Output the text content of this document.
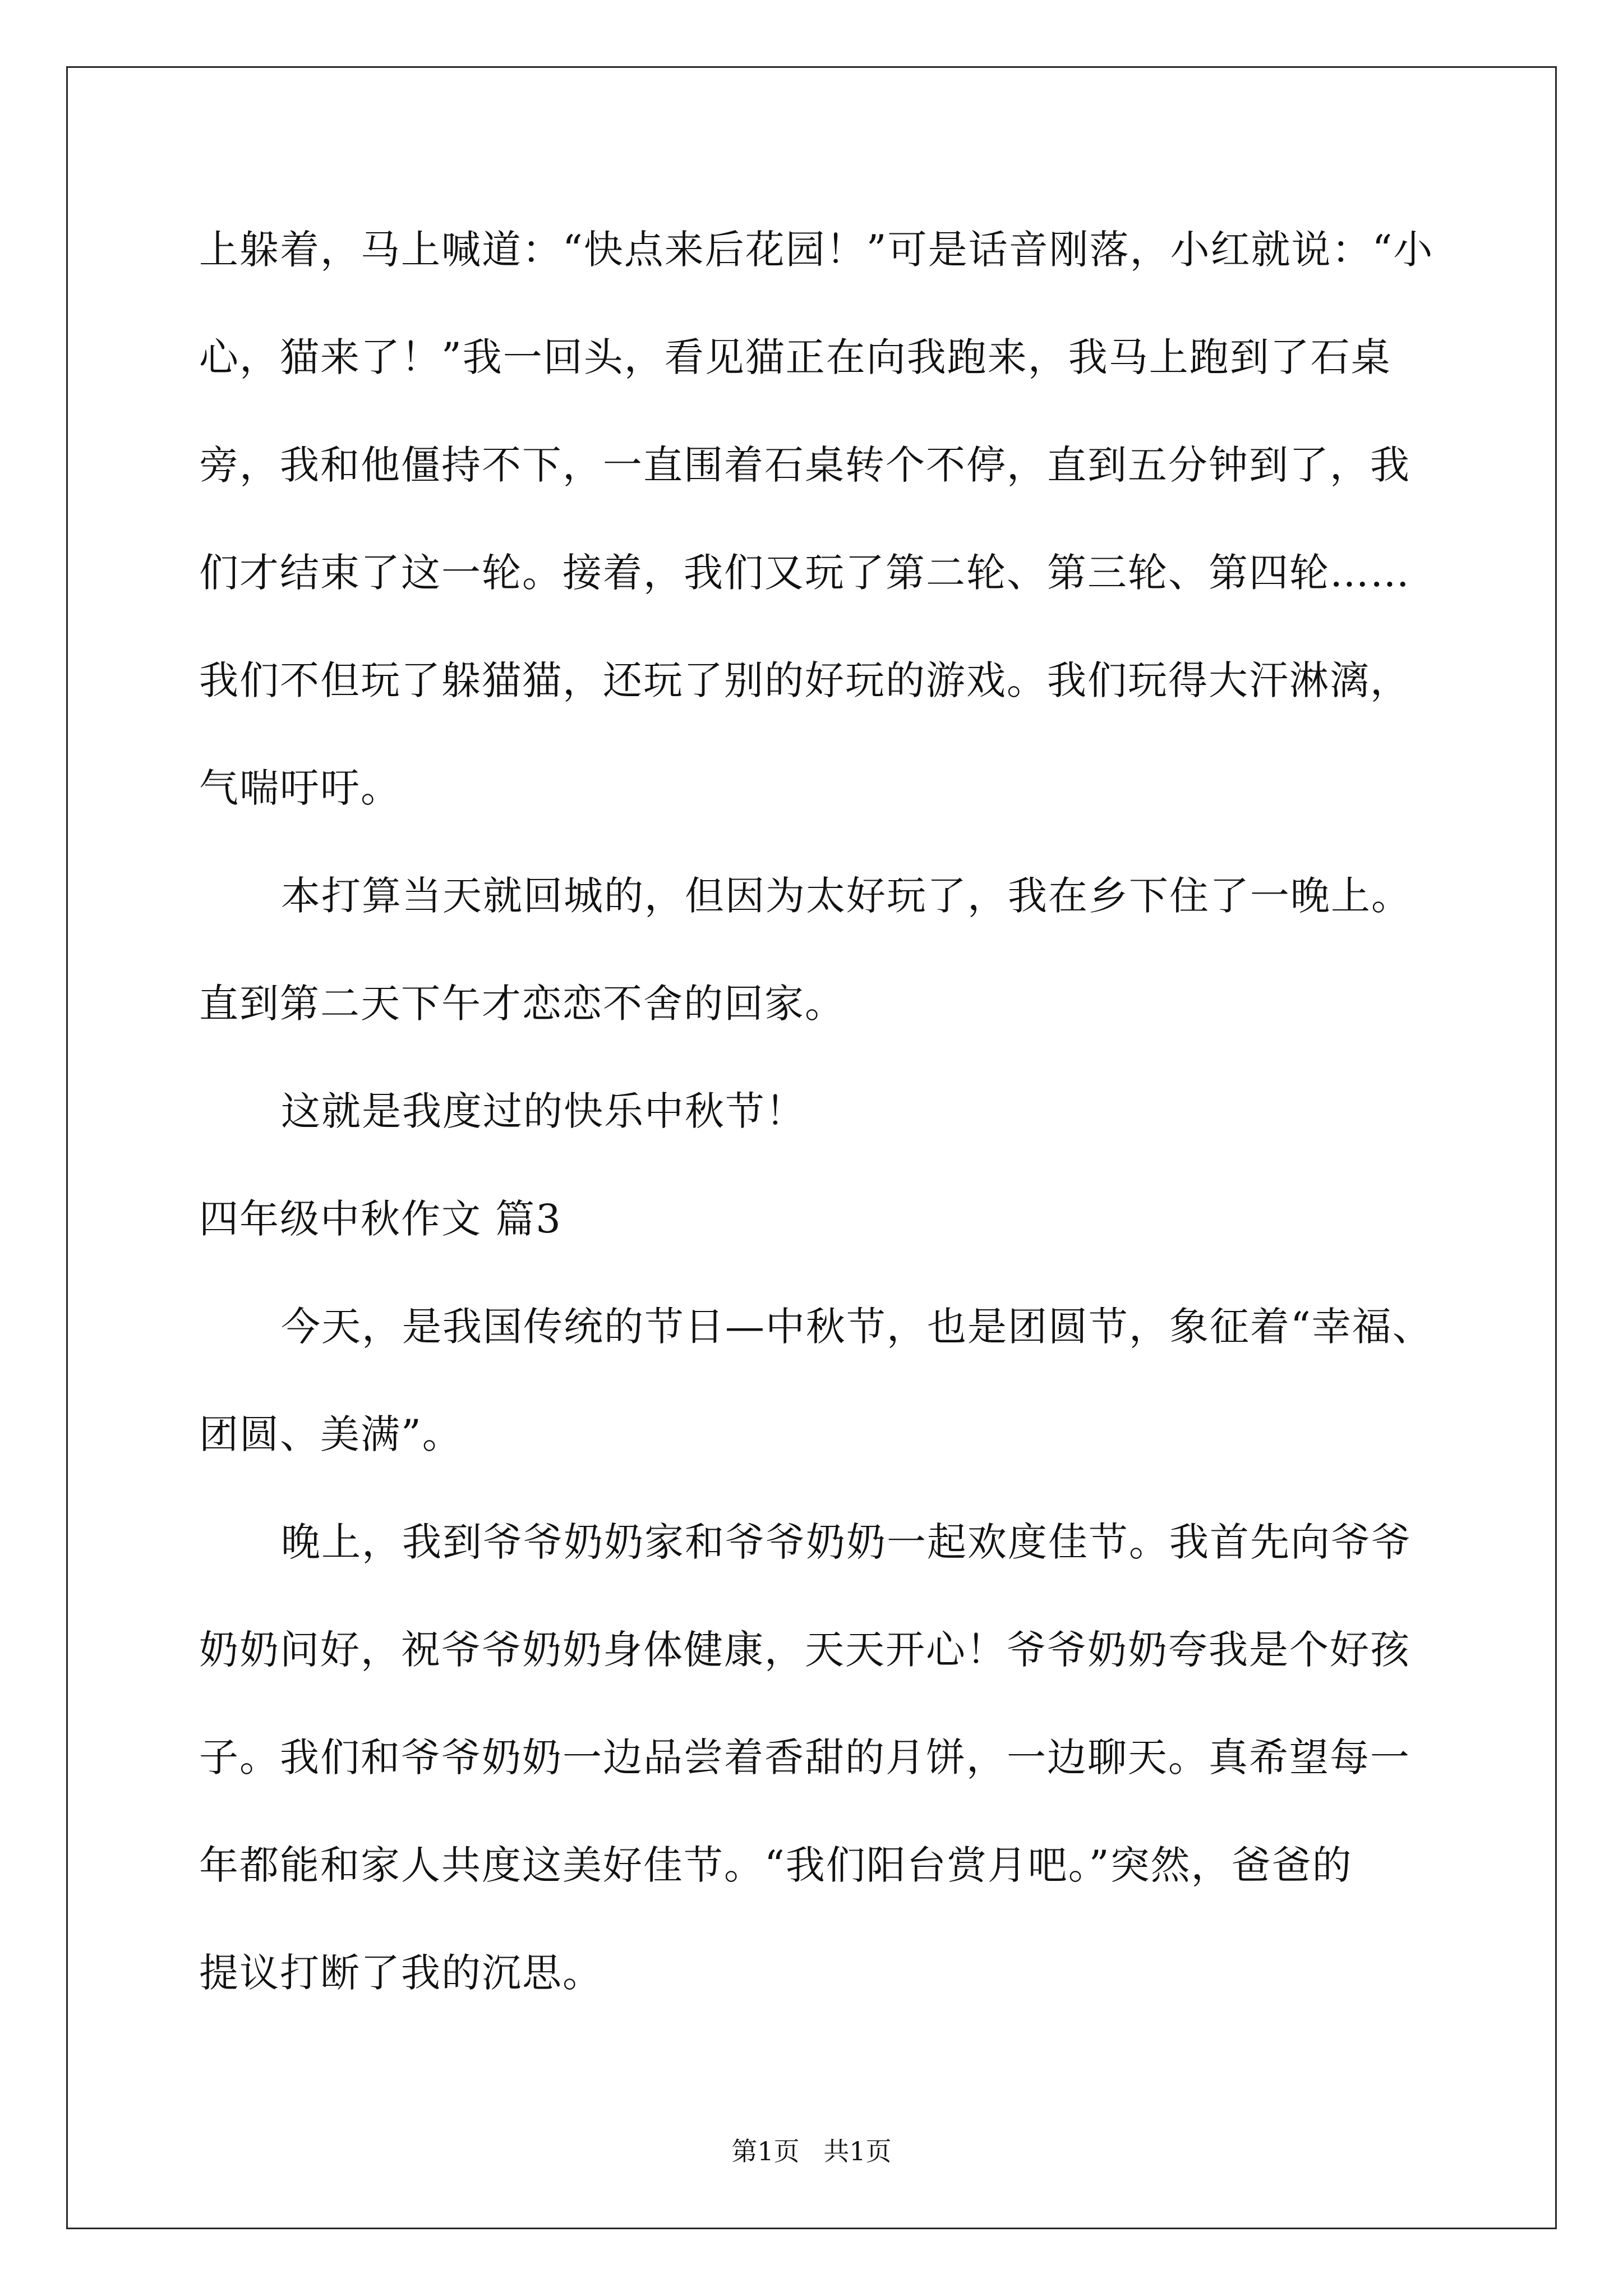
上躲着，马上喊道：“快点来后花园！”可是话音刚落，小红就说：“小
心，猫来了！”我一回头，看见猫正在向我跑来，我马上跑到了石桌
旁，我和他僵持不下，一直围着石桌转个不停，直到五分钟到了，我
们才结束了这一轮。接着，我们又玩了第二轮、第三轮、第四轮……
我们不但玩了躲猫猫，还玩了别的好玩的游戏。我们玩得大汗淋漓，
气喘吁吁。
本打算当天就回城的，但因为太好玩了，我在乡下住了一晚上。
直到第二天下午才恋恋不舍的回家。
这就是我度过的快乐中秋节！
四年级中秋作文 篇3
今天，是我国传统的节日—中秋节，也是团圆节，象征着“幸福、
团圆、美满”。
晚上，我到爷爷奶奶家和爷爷奶奶一起欢度佳节。我首先向爷爷
奶奶问好，祝爷爷奶奶身体健康，天天开心！爷爷奶奶夸我是个好孩
子。我们和爷爷奶奶一边品尝着香甜的月饼，一边聊天。真希望每一
年都能和家人共度这美好佳节。“我们阳台赏月吧。”突然，爸爸的
提议打断了我的沉思。
第1页 共1页
